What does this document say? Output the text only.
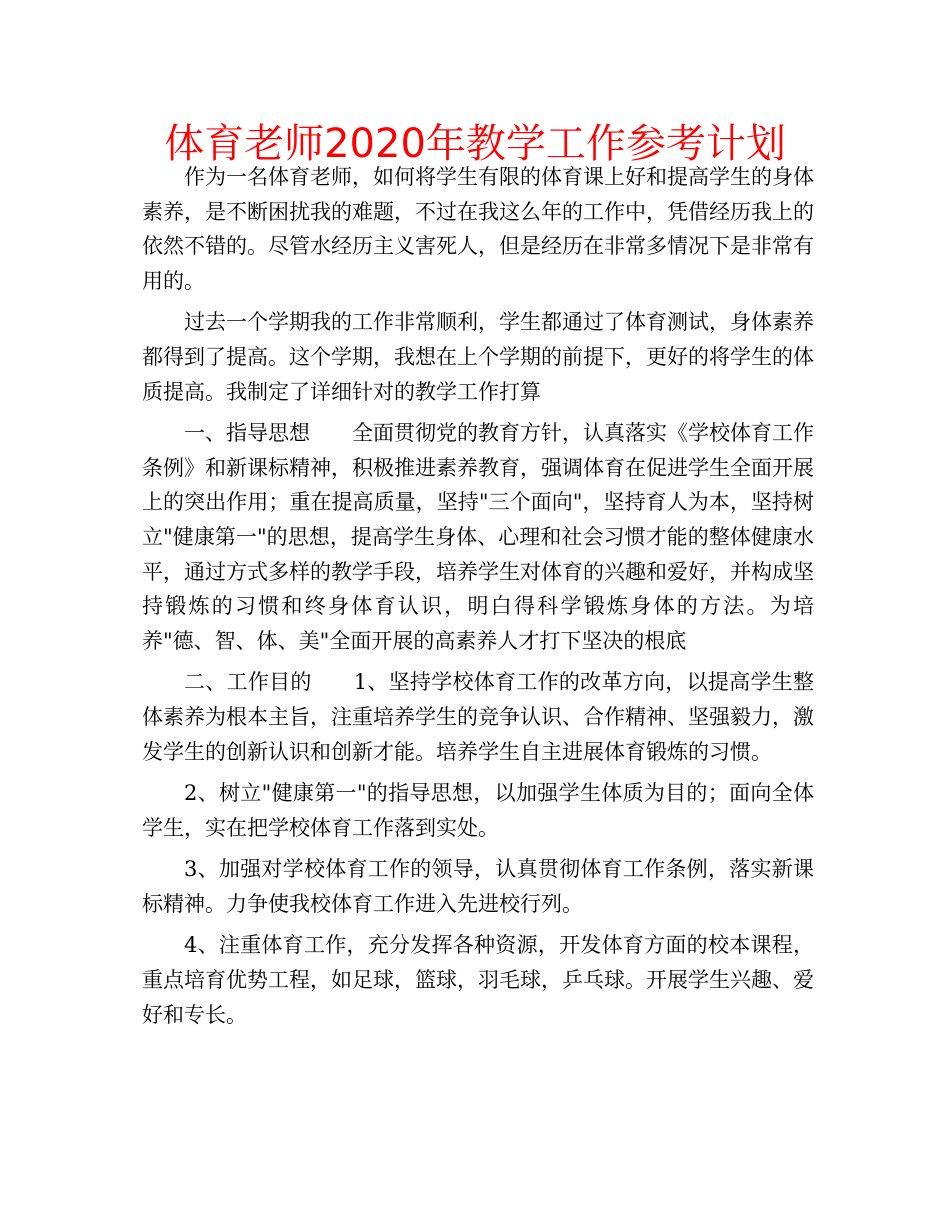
体育老师2020年教学工作参考计划

作为一名体育老师，如何将学生有限的体育课上好和提高学生的身体素养，是不断困扰我的难题，不过在我这么年的工作中，凭借经历我上的依然不错的。尽管水经历主义害死人，但是经历在非常多情况下是非常有用的。

过去一个学期我的工作非常顺利，学生都通过了体育测试，身体素养都得到了提高。这个学期，我想在上个学期的前提下，更好的将学生的体质提高。我制定了详细针对的教学工作打算

一、指导思想 全面贯彻党的教育方针，认真落实《学校体育工作条例》和新课标精神，积极推进素养教育，强调体育在促进学生全面开展上的突出作用；重在提高质量，坚持"三个面向"，坚持育人为本，坚持树立"健康第一"的思想，提高学生身体、心理和社会习惯才能的整体健康水平，通过方式多样的教学手段，培养学生对体育的兴趣和爱好，并构成坚持锻炼的习惯和终身体育认识，明白得科学锻炼身体的方法。为培养"德、智、体、美"全面开展的高素养人才打下坚决的根底

二、工作目的 1、坚持学校体育工作的改革方向，以提高学生整体素养为根本主旨，注重培养学生的竞争认识、合作精神、坚强毅力，激发学生的创新认识和创新才能。培养学生自主进展体育锻炼的习惯。

2、树立"健康第一"的指导思想，以加强学生体质为目的；面向全体学生，实在把学校体育工作落到实处。

3、加强对学校体育工作的领导，认真贯彻体育工作条例，落实新课标精神。力争使我校体育工作进入先进校行列。

4、注重体育工作，充分发挥各种资源，开发体育方面的校本课程，重点培育优势工程，如足球，篮球，羽毛球，乒乓球。开展学生兴趣、爱好和专长。
